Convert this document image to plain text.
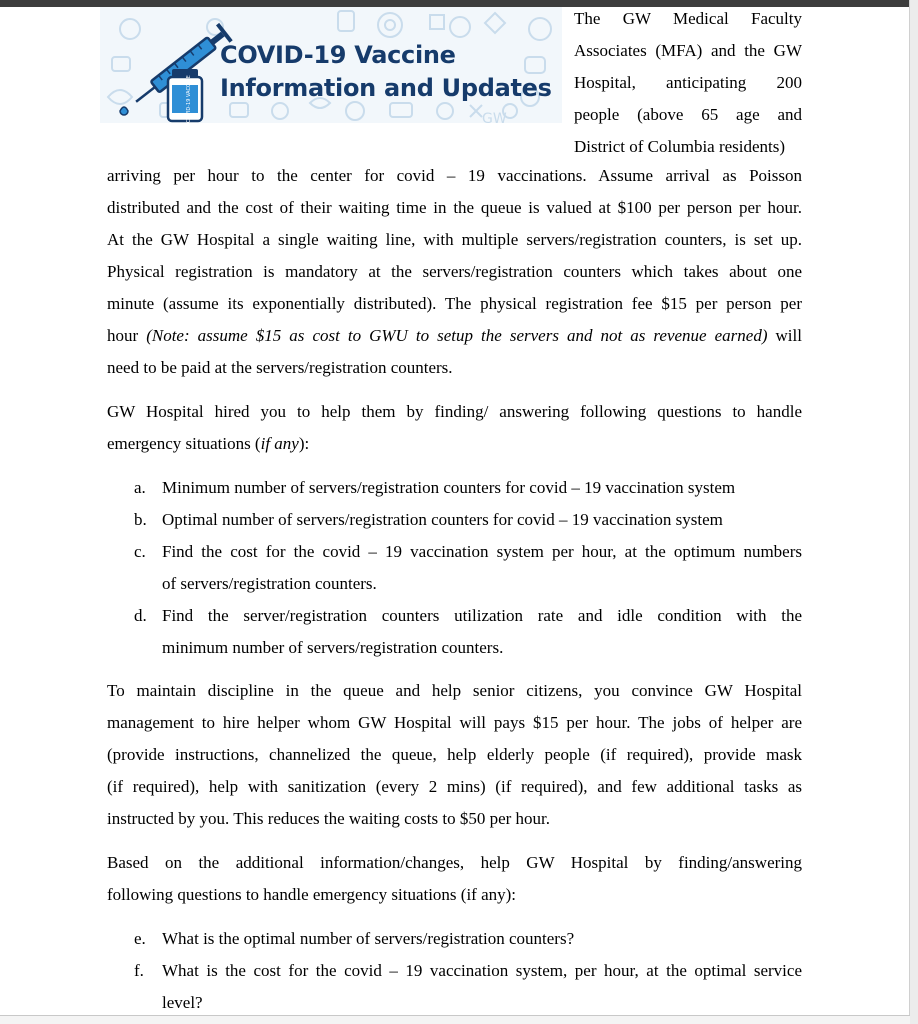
COVID-19 VACCINE	GW
COVID-19 Vaccine
Information and Updates
The GW Medical Faculty
Associates (MFA) and the GW
Hospital, anticipating 200
people (above 65 age and
District of Columbia residents)
arriving per hour to the center for covid – 19 vaccinations. Assume arrival as Poisson
distributed and the cost of their waiting time in the queue is valued at $100 per person per hour.
At the GW Hospital a single waiting line, with multiple servers/registration counters, is set up.
Physical registration is mandatory at the servers/registration counters which takes about one
minute (assume its exponentially distributed). The physical registration fee $15 per person per
hour (Note: assume $15 as cost to GWU to setup the servers and not as revenue earned) will
need to be paid at the servers/registration counters.
GW Hospital hired you to help them by finding/ answering following questions to handle
emergency situations (if any):
a. Minimum number of servers/registration counters for covid – 19 vaccination system
b. Optimal number of servers/registration counters for covid – 19 vaccination system
c. Find the cost for the covid – 19 vaccination system per hour, at the optimum numbers
of servers/registration counters.
d. Find the server/registration counters utilization rate and idle condition with the
minimum number of servers/registration counters.
To maintain discipline in the queue and help senior citizens, you convince GW Hospital
management to hire helper whom GW Hospital will pays $15 per hour. The jobs of helper are
(provide instructions, channelized the queue, help elderly people (if required), provide mask
(if required), help with sanitization (every 2 mins) (if required), and few additional tasks as
instructed by you. This reduces the waiting costs to $50 per hour.
Based on the additional information/changes, help GW Hospital by finding/answering
following questions to handle emergency situations (if any):
e. What is the optimal number of servers/registration counters?
f. What is the cost for the covid – 19 vaccination system, per hour, at the optimal service
level?
